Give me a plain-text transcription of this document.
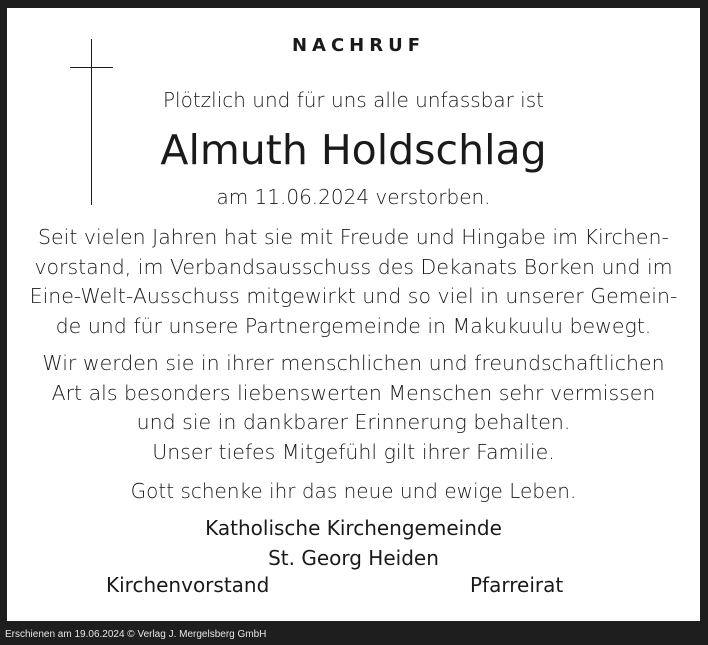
NACHRUF
Plötzlich und für uns alle unfassbar ist
Almuth Holdschlag
am 11.06.2024 verstorben.
Seit vielen Jahren hat sie mit Freude und Hingabe im Kirchen-
vorstand, im Verbandsausschuss des Dekanats Borken und im
Eine-Welt-Ausschuss mitgewirkt und so viel in unserer Gemein-
de und für unsere Partnergemeinde in Makukuulu bewegt.
Wir werden sie in ihrer menschlichen und freundschaftlichen
Art als besonders liebenswerten Menschen sehr vermissen
und sie in dankbarer Erinnerung behalten.
Unser tiefes Mitgefühl gilt ihrer Familie.
Gott schenke ihr das neue und ewige Leben.
Katholische Kirchengemeinde
St. Georg Heiden
Kirchenvorstand	Pfarreirat
Erschienen am 19.06.2024 © Verlag J. Mergelsberg GmbH
